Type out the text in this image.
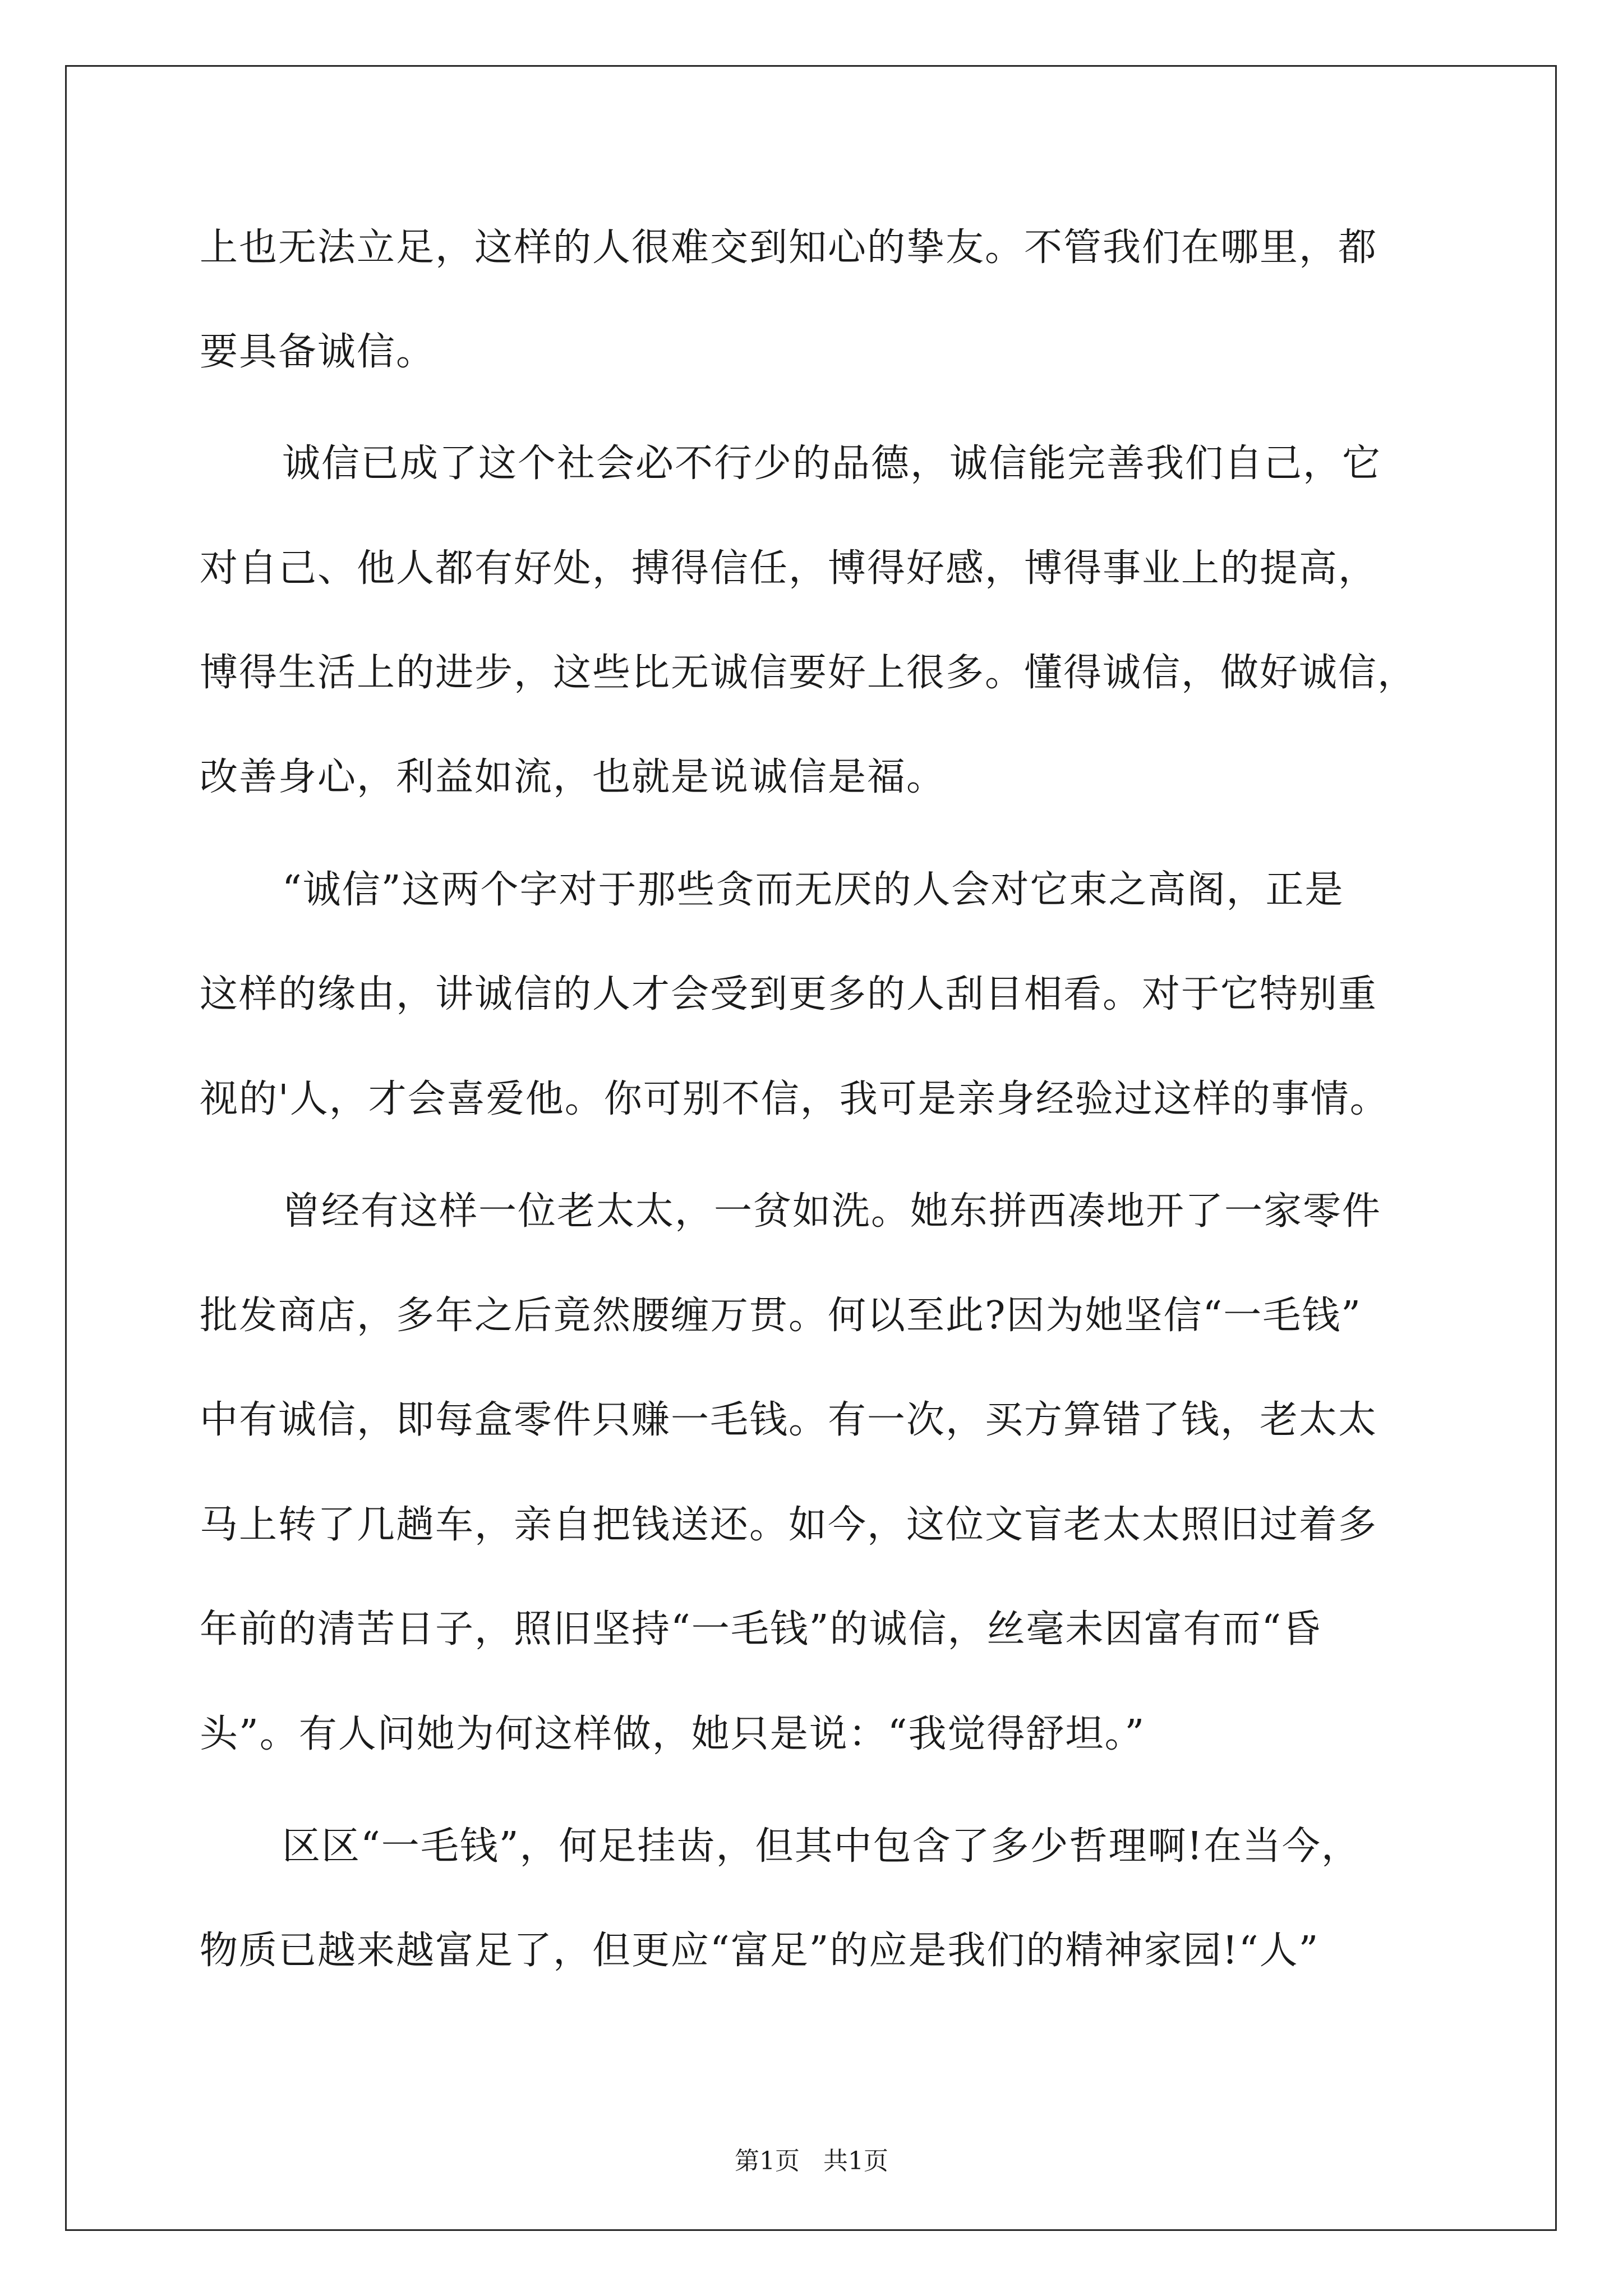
上也无法立足，这样的人很难交到知心的挚友。不管我们在哪里，都
要具备诚信。
诚信已成了这个社会必不行少的品德，诚信能完善我们自己，它
对自己、他人都有好处，搏得信任，博得好感，博得事业上的提高，
博得生活上的进步，这些比无诚信要好上很多。懂得诚信，做好诚信，
改善身心，利益如流，也就是说诚信是福。
“诚信”这两个字对于那些贪而无厌的人会对它束之高阁，正是
这样的缘由，讲诚信的人才会受到更多的人刮目相看。对于它特别重
视的'人，才会喜爱他。你可别不信，我可是亲身经验过这样的事情。
曾经有这样一位老太太，一贫如洗。她东拼西凑地开了一家零件
批发商店，多年之后竟然腰缠万贯。何以至此?因为她坚信“一毛钱”
中有诚信，即每盒零件只赚一毛钱。有一次，买方算错了钱，老太太
马上转了几趟车，亲自把钱送还。如今，这位文盲老太太照旧过着多
年前的清苦日子，照旧坚持“一毛钱”的诚信，丝毫未因富有而“昏
头”。有人问她为何这样做，她只是说：“我觉得舒坦。”
区区“一毛钱”，何足挂齿，但其中包含了多少哲理啊!在当今，
物质已越来越富足了，但更应“富足”的应是我们的精神家园!“人”
第1页 共1页
